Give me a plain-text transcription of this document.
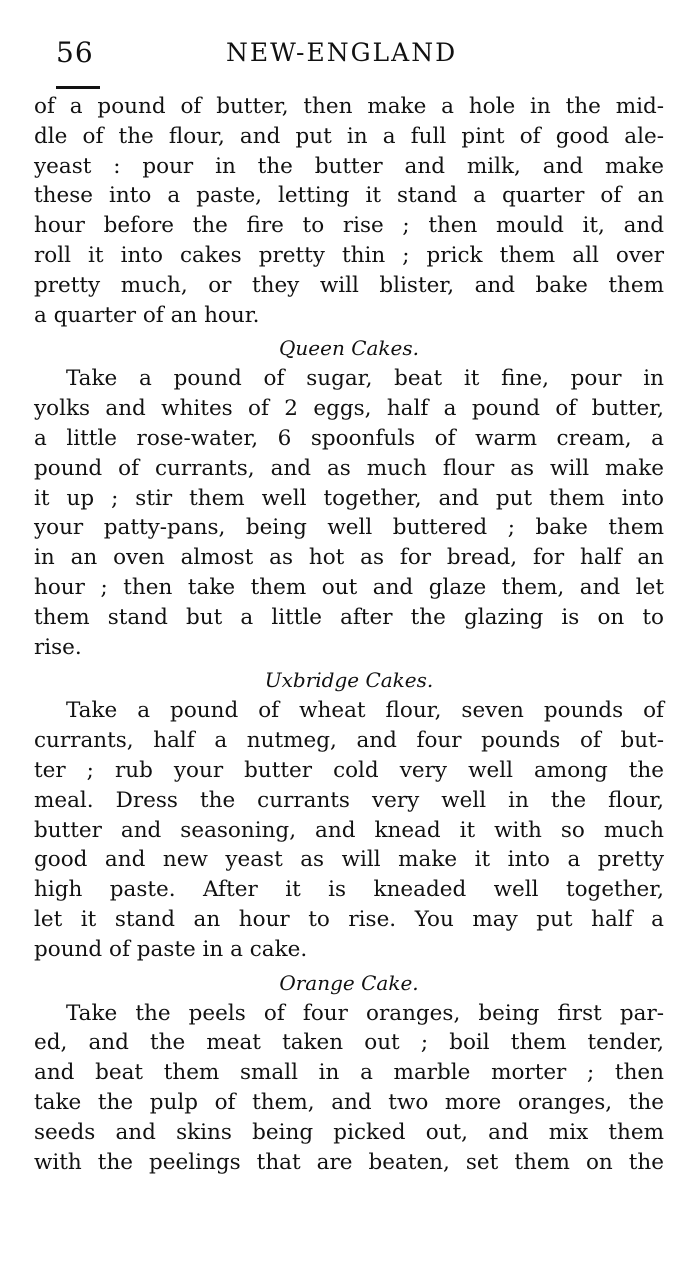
56	NEW-ENGLAND
of a pound of butter, then make a hole in the mid-
dle of the flour, and put in a full pint of good ale-
yeast : pour in the butter and milk, and make
these into a paste, letting it stand a quarter of an
hour before the fire to rise ; then mould it, and
roll it into cakes pretty thin ; prick them all over
pretty much, or they will blister, and bake them
a quarter of an hour.
Queen Cakes.
Take a pound of sugar, beat it fine, pour in
yolks and whites of 2 eggs, half a pound of butter,
a little rose-water, 6 spoonfuls of warm cream, a
pound of currants, and as much flour as will make
it up ; stir them well together, and put them into
your patty-pans, being well buttered ; bake them
in an oven almost as hot as for bread, for half an
hour ; then take them out and glaze them, and let
them stand but a little after the glazing is on to
rise.
Uxbridge Cakes.
Take a pound of wheat flour, seven pounds of
currants, half a nutmeg, and four pounds of but-
ter ; rub your butter cold very well among the
meal. Dress the currants very well in the flour,
butter and seasoning, and knead it with so much
good and new yeast as will make it into a pretty
high paste. After it is kneaded well together,
let it stand an hour to rise. You may put half a
pound of paste in a cake.
Orange Cake.
Take the peels of four oranges, being first par-
ed, and the meat taken out ; boil them tender,
and beat them small in a marble morter ; then
take the pulp of them, and two more oranges, the
seeds and skins being picked out, and mix them
with the peelings that are beaten, set them on the
